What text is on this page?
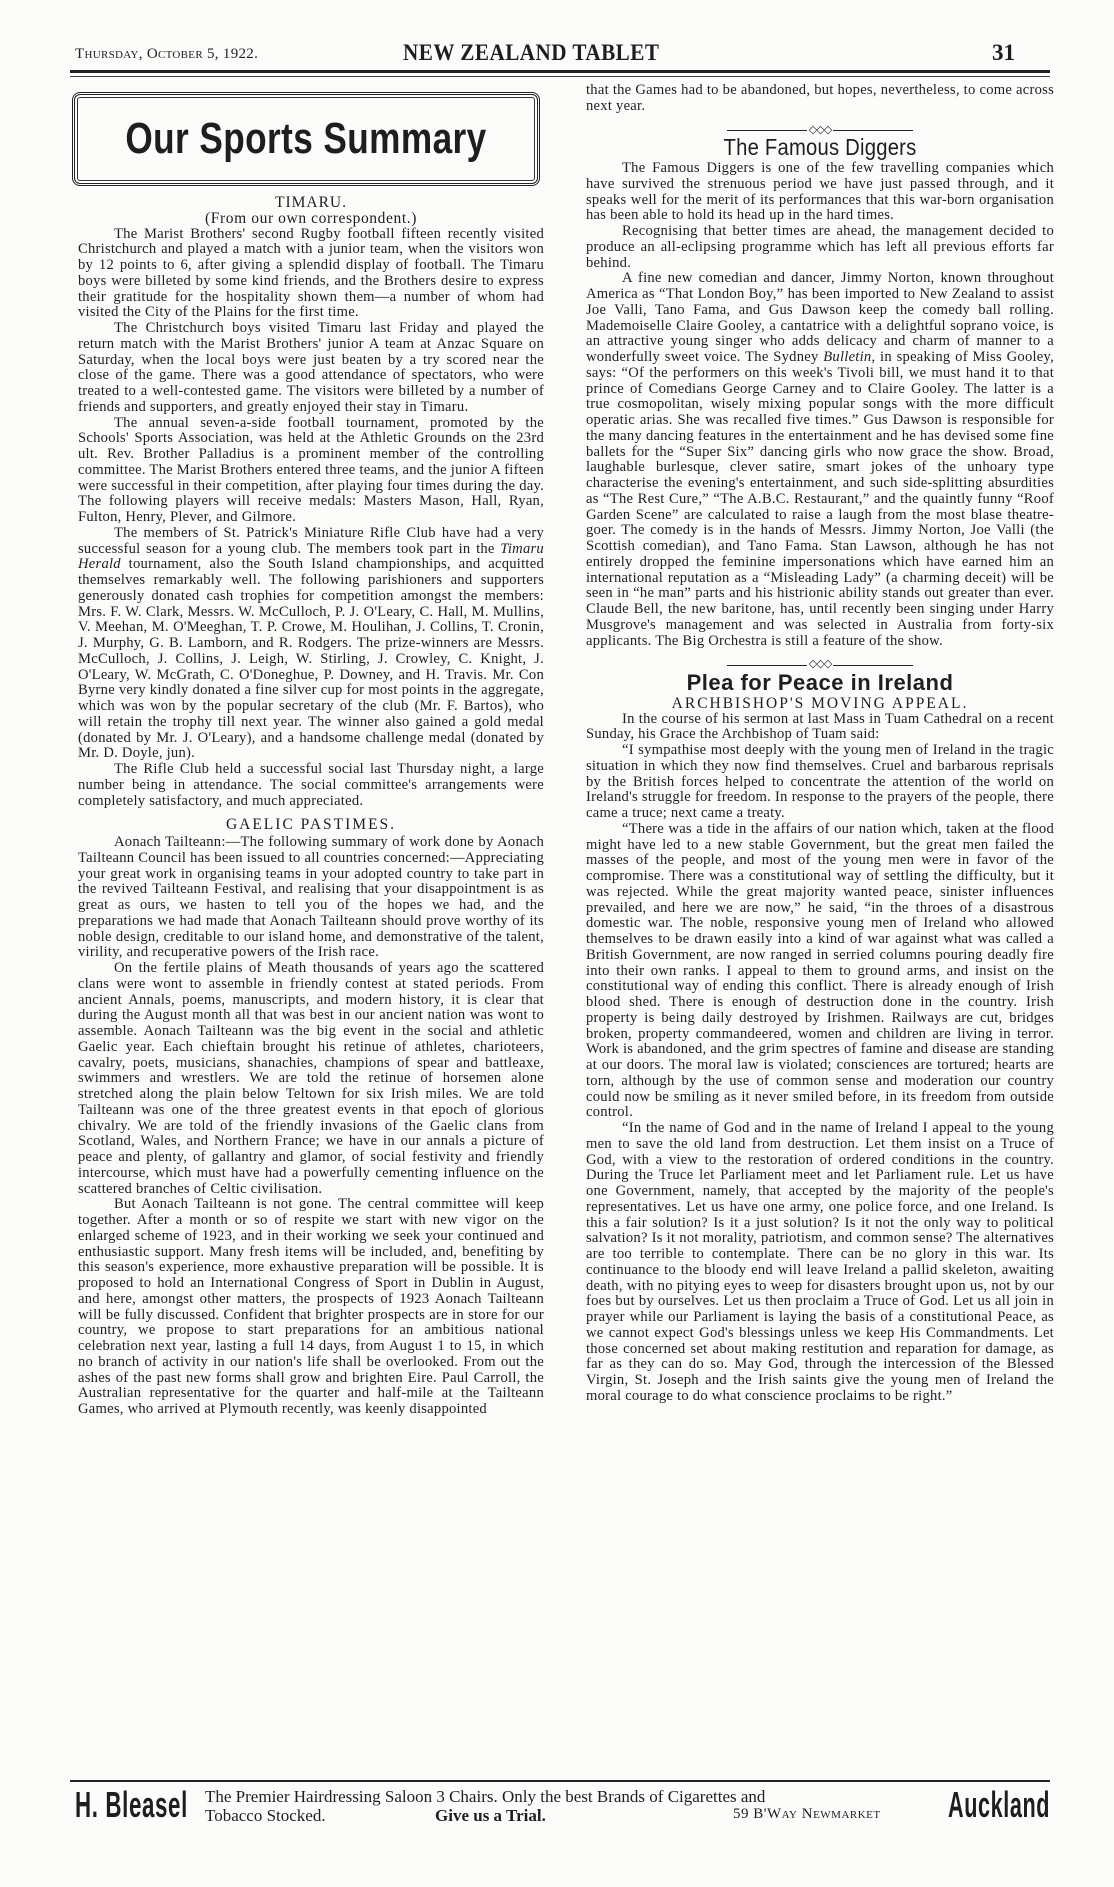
Thursday, October 5, 1922.	NEW ZEALAND TABLET	31
Our Sports Summary

TIMARU.

(From our own correspondent.)

The Marist Brothers' second Rugby football fifteen recently visited Christchurch and played a match with a junior team, when the visitors won by 12 points to 6, after giving a splendid display of football. The Timaru boys were billeted by some kind friends, and the Brothers desire to express their gratitude for the hospitality shown them—a number of whom had visited the City of the Plains for the first time.

The Christchurch boys visited Timaru last Friday and played the return match with the Marist Brothers' junior A team at Anzac Square on Saturday, when the local boys were just beaten by a try scored near the close of the game. There was a good attendance of spectators, who were treated to a well-contested game. The visitors were billeted by a number of friends and supporters, and greatly enjoyed their stay in Timaru.

The annual seven-a-side football tournament, promoted by the Schools' Sports Association, was held at the Athletic Grounds on the 23rd ult. Rev. Brother Palladius is a prominent member of the controlling committee. The Marist Brothers entered three teams, and the junior A fifteen were successful in their competition, after playing four times during the day. The following players will receive medals: Masters Mason, Hall, Ryan, Fulton, Henry, Plever, and Gilmore.

The members of St. Patrick's Miniature Rifle Club have had a very successful season for a young club. The members took part in the Timaru Herald tournament, also the South Island championships, and acquitted themselves remarkably well. The following parishioners and supporters generously donated cash trophies for competition amongst the members: Mrs. F. W. Clark, Messrs. W. McCulloch, P. J. O'Leary, C. Hall, M. Mullins, V. Meehan, M. O'Meeghan, T. P. Crowe, M. Houlihan, J. Collins, T. Cronin, J. Murphy, G. B. Lamborn, and R. Rodgers. The prize-winners are Messrs. McCulloch, J. Collins, J. Leigh, W. Stirling, J. Crowley, C. Knight, J. O'Leary, W. McGrath, C. O'Doneghue, P. Downey, and H. Travis. Mr. Con Byrne very kindly donated a fine silver cup for most points in the aggregate, which was won by the popular secretary of the club (Mr. F. Bartos), who will retain the trophy till next year. The winner also gained a gold medal (donated by Mr. J. O'Leary), and a handsome challenge medal (donated by Mr. D. Doyle, jun).

The Rifle Club held a successful social last Thursday night, a large number being in attendance. The social committee's arrangements were completely satisfactory, and much appreciated.

GAELIC PASTIMES.

Aonach Tailteann:—The following summary of work done by Aonach Tailteann Council has been issued to all countries concerned:—Appreciating your great work in organising teams in your adopted country to take part in the revived Tailteann Festival, and realising that your disappointment is as great as ours, we hasten to tell you of the hopes we had, and the preparations we had made that Aonach Tailteann should prove worthy of its noble design, creditable to our island home, and demonstrative of the talent, virility, and recuperative powers of the Irish race.

On the fertile plains of Meath thousands of years ago the scattered clans were wont to assemble in friendly contest at stated periods. From ancient Annals, poems, manuscripts, and modern history, it is clear that during the August month all that was best in our ancient nation was wont to assemble. Aonach Tailteann was the big event in the social and athletic Gaelic year. Each chieftain brought his retinue of athletes, charioteers, cavalry, poets, musicians, shanachies, champions of spear and battleaxe, swimmers and wrestlers. We are told the retinue of horsemen alone stretched along the plain below Teltown for six Irish miles. We are told Tailteann was one of the three greatest events in that epoch of glorious chivalry. We are told of the friendly invasions of the Gaelic clans from Scotland, Wales, and Northern France; we have in our annals a picture of peace and plenty, of gallantry and glamor, of social festivity and friendly intercourse, which must have had a powerfully cementing influence on the scattered branches of Celtic civilisation.

But Aonach Tailteann is not gone. The central committee will keep together. After a month or so of respite we start with new vigor on the enlarged scheme of 1923, and in their working we seek your continued and enthusiastic support. Many fresh items will be included, and, benefiting by this season's experience, more exhaustive preparation will be possible. It is proposed to hold an International Congress of Sport in Dublin in August, and here, amongst other matters, the prospects of 1923 Aonach Tailteann will be fully discussed. Confident that brighter prospects are in store for our country, we propose to start preparations for an ambitious national celebration next year, lasting a full 14 days, from August 1 to 15, in which no branch of activity in our nation's life shall be overlooked. From out the ashes of the past new forms shall grow and brighten Eire. Paul Carroll, the Australian representative for the quarter and half-mile at the Tailteann Games, who arrived at Plymouth recently, was keenly disappointed

that the Games had to be abandoned, but hopes, nevertheless, to come across next year.

◇◇◇
The Famous Diggers

The Famous Diggers is one of the few travelling companies which have survived the strenuous period we have just passed through, and it speaks well for the merit of its performances that this war-born organisation has been able to hold its head up in the hard times.

Recognising that better times are ahead, the management decided to produce an all-eclipsing programme which has left all previous efforts far behind.

A fine new comedian and dancer, Jimmy Norton, known throughout America as “That London Boy,” has been imported to New Zealand to assist Joe Valli, Tano Fama, and Gus Dawson keep the comedy ball rolling. Mademoiselle Claire Gooley, a cantatrice with a delightful soprano voice, is an attractive young singer who adds delicacy and charm of manner to a wonderfully sweet voice. The Sydney Bulletin, in speaking of Miss Gooley, says: “Of the performers on this week's Tivoli bill, we must hand it to that prince of Comedians George Carney and to Claire Gooley. The latter is a true cosmopolitan, wisely mixing popular songs with the more difficult operatic arias. She was recalled five times.” Gus Dawson is responsible for the many dancing features in the entertainment and he has devised some fine ballets for the “Super Six” dancing girls who now grace the show. Broad, laughable burlesque, clever satire, smart jokes of the unhoary type characterise the evening's entertainment, and such side-splitting absurdities as “The Rest Cure,” “The A.B.C. Restaurant,” and the quaintly funny “Roof Garden Scene” are calculated to raise a laugh from the most blase theatre-goer. The comedy is in the hands of Messrs. Jimmy Norton, Joe Valli (the Scottish comedian), and Tano Fama. Stan Lawson, although he has not entirely dropped the feminine impersonations which have earned him an international reputation as a “Misleading Lady” (a charming deceit) will be seen in “he man” parts and his histrionic ability stands out greater than ever. Claude Bell, the new baritone, has, until recently been singing under Harry Musgrove's management and was selected in Australia from forty-six applicants. The Big Orchestra is still a feature of the show.

◇◇◇
Plea for Peace in Ireland

ARCHBISHOP'S MOVING APPEAL.

In the course of his sermon at last Mass in Tuam Cathedral on a recent Sunday, his Grace the Archbishop of Tuam said:

“I sympathise most deeply with the young men of Ireland in the tragic situation in which they now find themselves. Cruel and barbarous reprisals by the British forces helped to concentrate the attention of the world on Ireland's struggle for freedom. In response to the prayers of the people, there came a truce; next came a treaty.

“There was a tide in the affairs of our nation which, taken at the flood might have led to a new stable Government, but the great men failed the masses of the people, and most of the young men were in favor of the compromise. There was a constitutional way of settling the difficulty, but it was rejected. While the great majority wanted peace, sinister influences prevailed, and here we are now,” he said, “in the throes of a disastrous domestic war. The noble, responsive young men of Ireland who allowed themselves to be drawn easily into a kind of war against what was called a British Government, are now ranged in serried columns pouring deadly fire into their own ranks. I appeal to them to ground arms, and insist on the constitutional way of ending this conflict. There is already enough of Irish blood shed. There is enough of destruction done in the country. Irish property is being daily destroyed by Irishmen. Railways are cut, bridges broken, property commandeered, women and children are living in terror. Work is abandoned, and the grim spectres of famine and disease are standing at our doors. The moral law is violated; consciences are tortured; hearts are torn, although by the use of common sense and moderation our country could now be smiling as it never smiled before, in its freedom from outside control.

“In the name of God and in the name of Ireland I appeal to the young men to save the old land from destruction. Let them insist on a Truce of God, with a view to the restoration of ordered conditions in the country. During the Truce let Parliament meet and let Parliament rule. Let us have one Government, namely, that accepted by the majority of the people's representatives. Let us have one army, one police force, and one Ireland. Is this a fair solution? Is it a just solution? Is it not the only way to political salvation? Is it not morality, patriotism, and common sense? The alternatives are too terrible to contemplate. There can be no glory in this war. Its continuance to the bloody end will leave Ireland a pallid skeleton, awaiting death, with no pitying eyes to weep for disasters brought upon us, not by our foes but by ourselves. Let us then proclaim a Truce of God. Let us all join in prayer while our Parliament is laying the basis of a constitutional Peace, as we cannot expect God's blessings unless we keep His Commandments. Let those concerned set about making restitution and reparation for damage, as far as they can do so. May God, through the intercession of the Blessed Virgin, St. Joseph and the Irish saints give the young men of Ireland the moral courage to do what conscience proclaims to be right.”

H. Bleasel The Premier Hairdressing Saloon 3 Chairs. Only the best Brands of Cigarettes and
Tobacco Stocked.	Give us a Trial.	59 B'Way Newmarket Auckland
